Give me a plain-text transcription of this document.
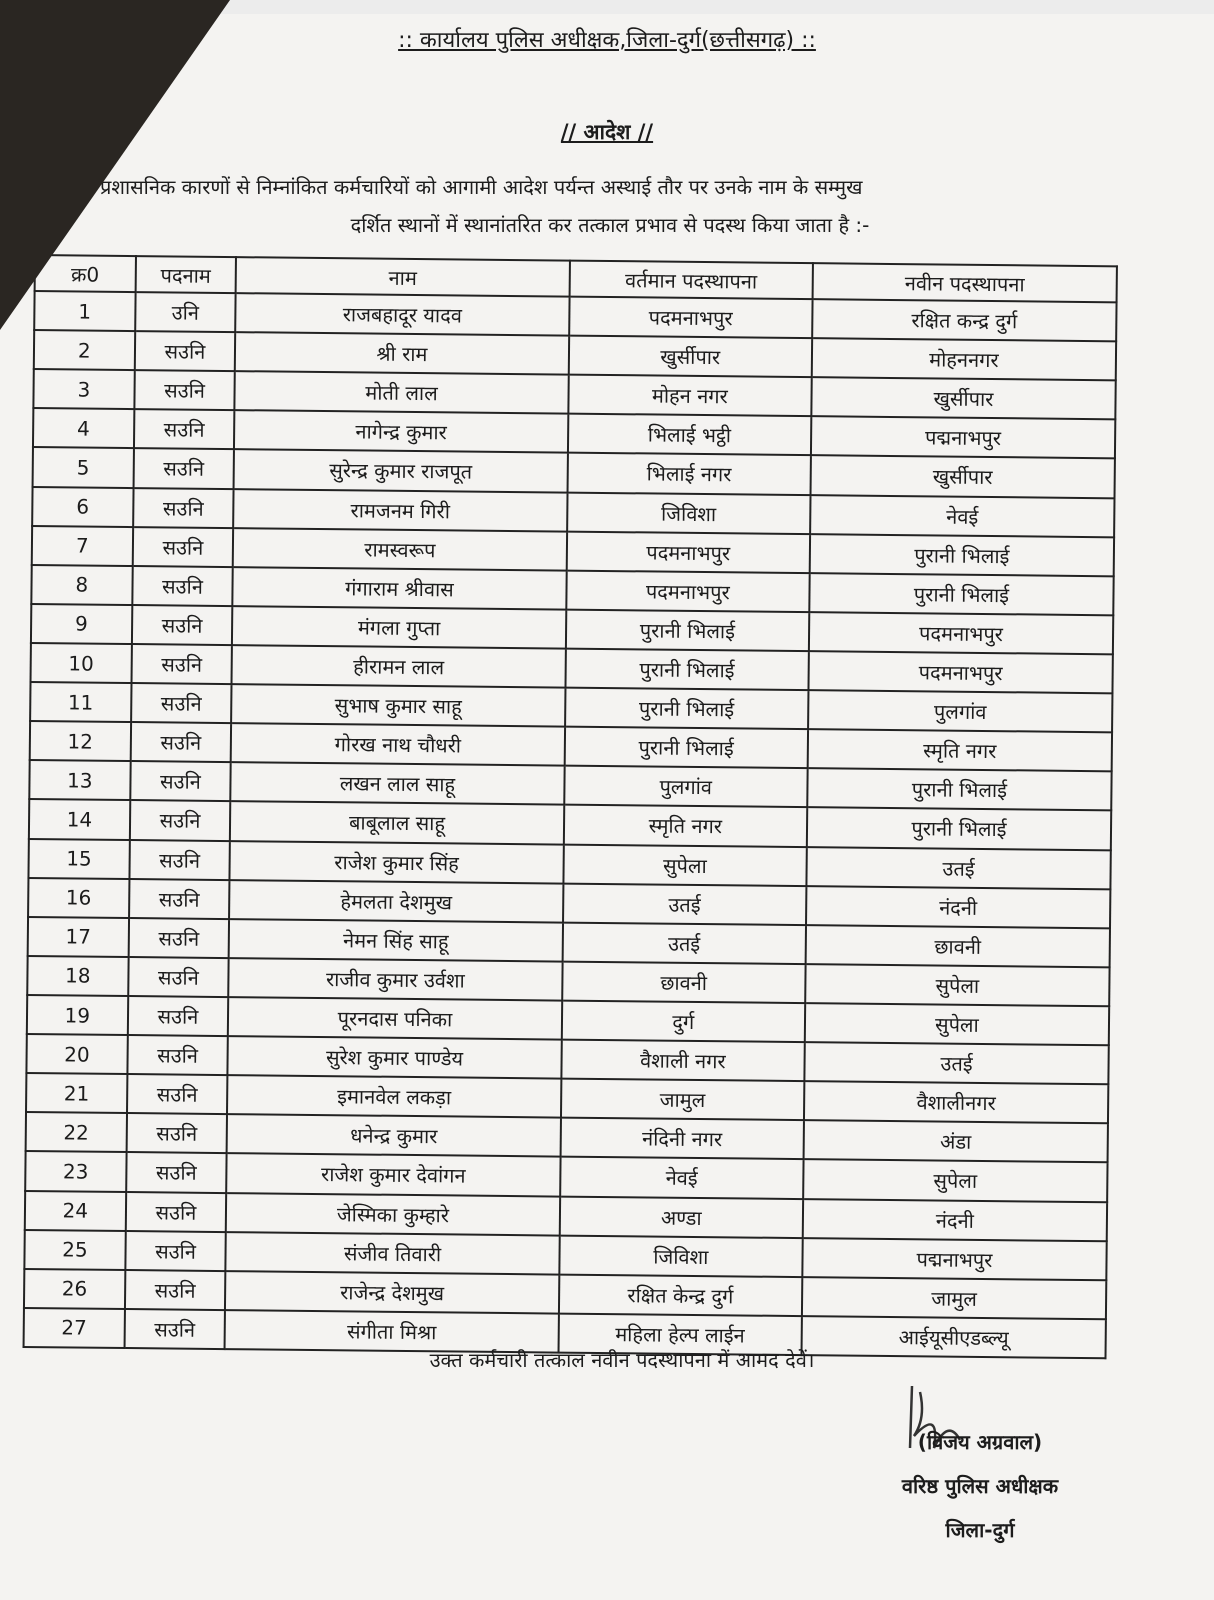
:: कार्यालय पुलिस अधीक्षक,जिला-दुर्ग(छत्तीसगढ़) ::
// आदेश //
प्रशासनिक कारणों से निम्नांकित कर्मचारियों को आगामी आदेश पर्यन्त अस्थाई तौर पर उनके नाम के सम्मुख
दर्शित स्थानों में स्थानांतरित कर तत्काल प्रभाव से पदस्थ किया जाता है :-
क्र0	पदनाम	नाम	वर्तमान पदस्थापना	नवीन पदस्थापना
1	उनि	राजबहादूर यादव	पदमनाभपुर	रक्षित कन्द्र दुर्ग
2	सउनि	श्री राम	खुर्सीपार	मोहननगर
3	सउनि	मोती लाल	मोहन नगर	खुर्सीपार
4	सउनि	नागेन्द्र कुमार	भिलाई भट्ठी	पद्मनाभपुर
5	सउनि	सुरेन्द्र कुमार राजपूत	भिलाई नगर	खुर्सीपार
6	सउनि	रामजनम गिरी	जिविशा	नेवई
7	सउनि	रामस्वरूप	पदमनाभपुर	पुरानी भिलाई
8	सउनि	गंगाराम श्रीवास	पदमनाभपुर	पुरानी भिलाई
9	सउनि	मंगला गुप्ता	पुरानी भिलाई	पदमनाभपुर
10	सउनि	हीरामन लाल	पुरानी भिलाई	पदमनाभपुर
11	सउनि	सुभाष कुमार साहू	पुरानी भिलाई	पुलगांव
12	सउनि	गोरख नाथ चौधरी	पुरानी भिलाई	स्मृति नगर
13	सउनि	लखन लाल साहू	पुलगांव	पुरानी भिलाई
14	सउनि	बाबूलाल साहू	स्मृति नगर	पुरानी भिलाई
15	सउनि	राजेश कुमार सिंह	सुपेला	उतई
16	सउनि	हेमलता देशमुख	उतई	नंदनी
17	सउनि	नेमन सिंह साहू	उतई	छावनी
18	सउनि	राजीव कुमार उर्वशा	छावनी	सुपेला
19	सउनि	पूरनदास पनिका	दुर्ग	सुपेला
20	सउनि	सुरेश कुमार पाण्डेय	वैशाली नगर	उतई
21	सउनि	इमानवेल लकड़ा	जामुल	वैशालीनगर
22	सउनि	धनेन्द्र कुमार	नंदिनी नगर	अंडा
23	सउनि	राजेश कुमार देवांगन	नेवई	सुपेला
24	सउनि	जेस्मिका कुम्हारे	अण्डा	नंदनी
25	सउनि	संजीव तिवारी	जिविशा	पद्मनाभपुर
26	सउनि	राजेन्द्र देशमुख	रक्षित केन्द्र दुर्ग	जामुल
27	सउनि	संगीता मिश्रा	महिला हेल्प लाईन	आईयूसीएडब्ल्यू
उक्त कर्मचारी तत्काल नवीन पदस्थापना में आमद देवें।
(विजय अग्रवाल)
वरिष्ठ पुलिस अधीक्षक
जिला-दुर्ग
